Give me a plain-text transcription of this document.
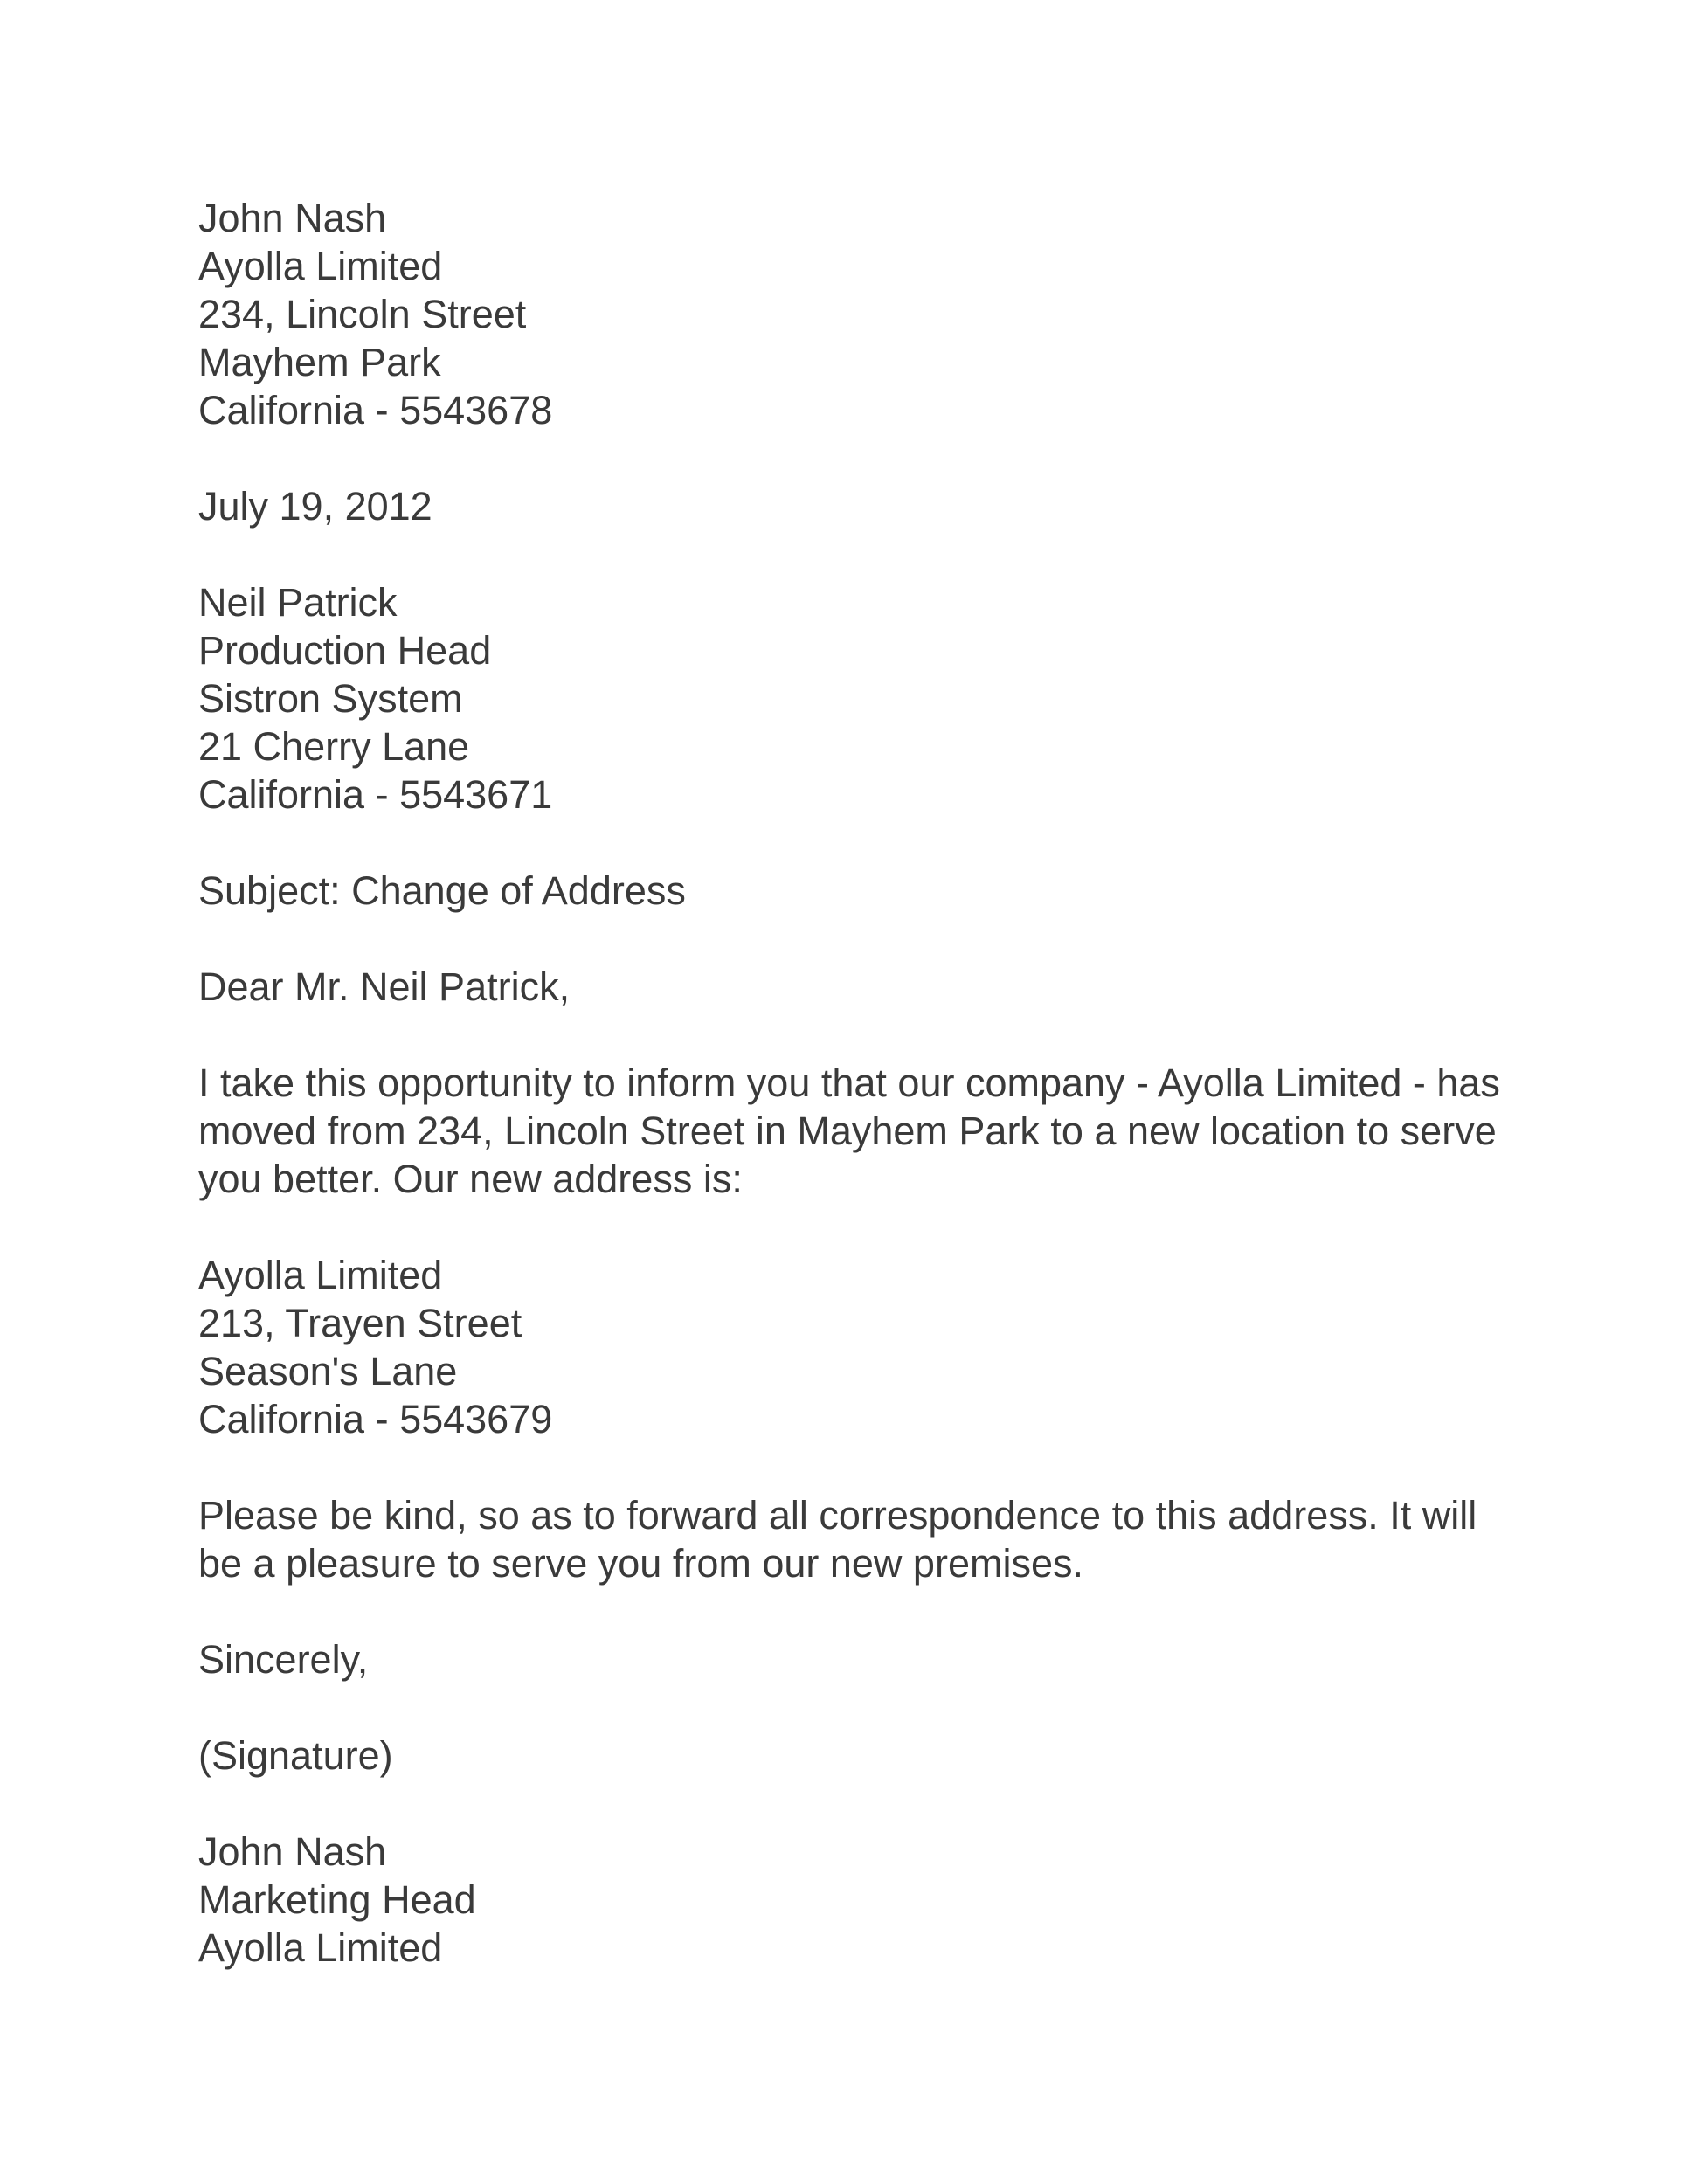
John Nash
Ayolla Limited
234, Lincoln Street
Mayhem Park
California - 5543678
July 19, 2012
Neil Patrick
Production Head
Sistron System
21 Cherry Lane
California - 5543671
Subject: Change of Address
Dear Mr. Neil Patrick,
I take this opportunity to inform you that our company - Ayolla Limited - has
moved from 234, Lincoln Street in Mayhem Park to a new location to serve
you better. Our new address is:
Ayolla Limited
213, Trayen Street
Season's Lane
California - 5543679
Please be kind, so as to forward all correspondence to this address. It will
be a pleasure to serve you from our new premises.
Sincerely,
(Signature)
John Nash
Marketing Head
Ayolla Limited
